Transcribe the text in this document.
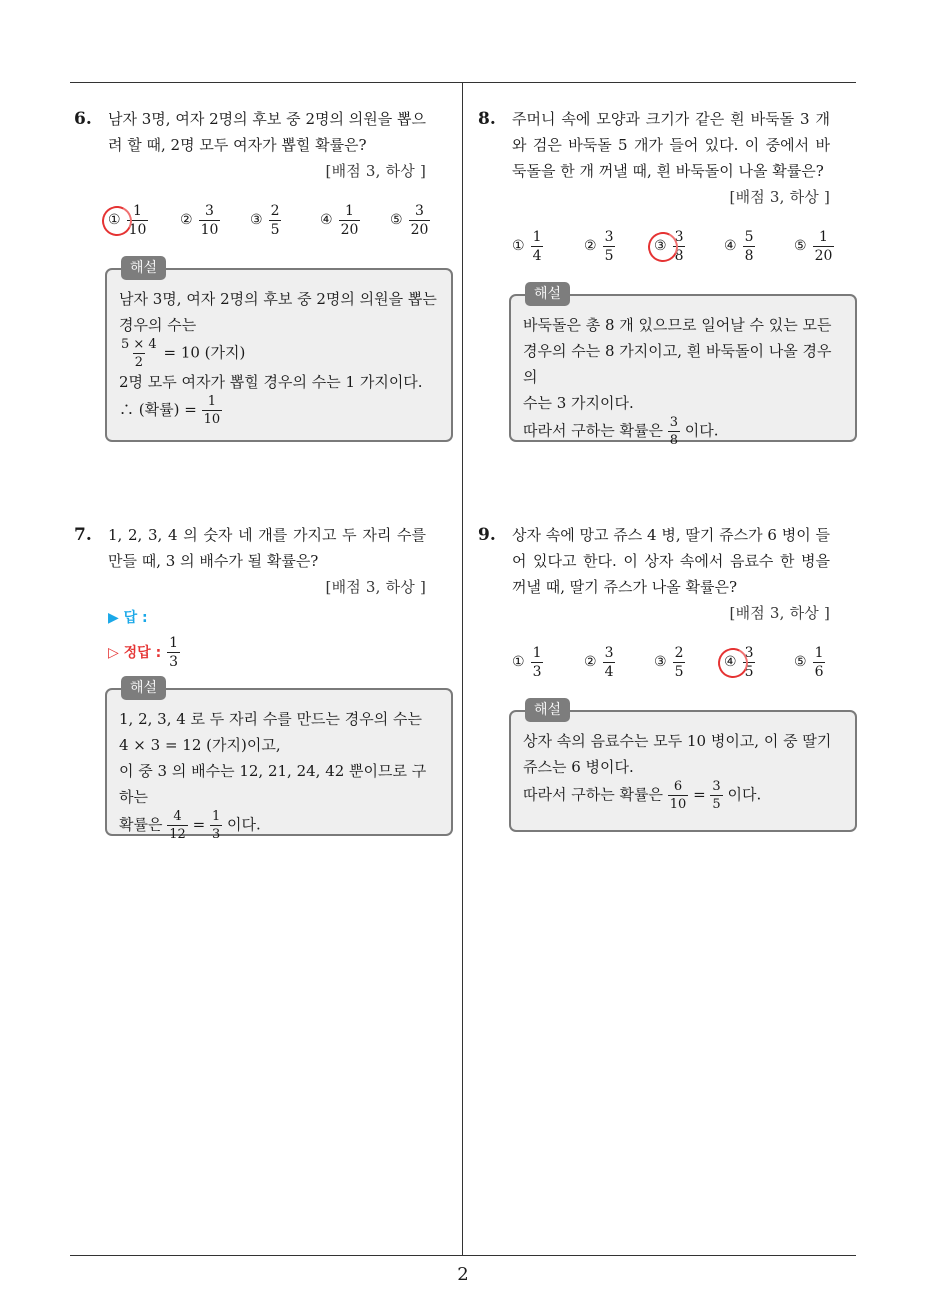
6. 남자 3명, 여자 2명의 후보 중 2명의 의원을 뽑으려 할 때, 2명 모두 여자가 뽑힐 확률은?
[배점 3, 하상 ]
① $\frac{1}{10}$ ② $\frac{3}{10}$ ③ $\frac{2}{5}$	④ $\frac{1}{20}$ ⑤ $\frac{3}{20}$
해설
남자 3명, 여자 2명의 후보 중 2명의 의원을 뽑는
경우의 수는
$\frac{5 \times 4}{2} = 10$ (가지)
2명 모두 여자가 뽑힐 경우의 수는 1 가지이다.
∴ (확률) = $\frac{1}{10}$
7. 1, 2, 3, 4 의 숫자 네 개를 가지고 두 자리 수를 만들 때, 3 의 배수가 될 확률은?
[배점 3, 하상 ]
▶ 답 :
▷ 정답 : $\frac{1}{3}$
해설
1, 2, 3, 4 로 두 자리 수를 만드는 경우의 수는
4 × 3 = 12 (가지)이고,
이 중 3 의 배수는 12, 21, 24, 42 뿐이므로 구하는
확률은 $\frac{4}{12} = \frac{1}{3}$ 이다.
8. 주머니 속에 모양과 크기가 같은 흰 바둑돌 3 개와 검은 바둑돌 5 개가 들어 있다. 이 중에서 바둑돌을 한 개 꺼낼 때, 흰 바둑돌이 나올 확률은?
[배점 3, 하상 ]
① $\frac{1}{4}$	② $\frac{3}{5}$	③ $\frac{3}{8}$	④ $\frac{5}{8}$	⑤ $\frac{1}{20}$
해설
바둑돌은 총 8 개 있으므로 일어날 수 있는 모든
경우의 수는 8 가지이고, 흰 바둑돌이 나올 경우의
수는 3 가지이다.
따라서 구하는 확률은 $\frac{3}{8}$ 이다.
9. 상자 속에 망고 쥬스 4 병, 딸기 쥬스가 6 병이 들어 있다고 한다. 이 상자 속에서 음료수 한 병을 꺼낼 때, 딸기 쥬스가 나올 확률은?
[배점 3, 하상 ]
① $\frac{1}{3}$	② $\frac{3}{4}$	③ $\frac{2}{5}$	④ $\frac{3}{5}$	⑤ $\frac{1}{6}$
해설
상자 속의 음료수는 모두 10 병이고, 이 중 딸기
쥬스는 6 병이다.
따라서 구하는 확률은 $\frac{6}{10} = \frac{3}{5}$ 이다.
2
